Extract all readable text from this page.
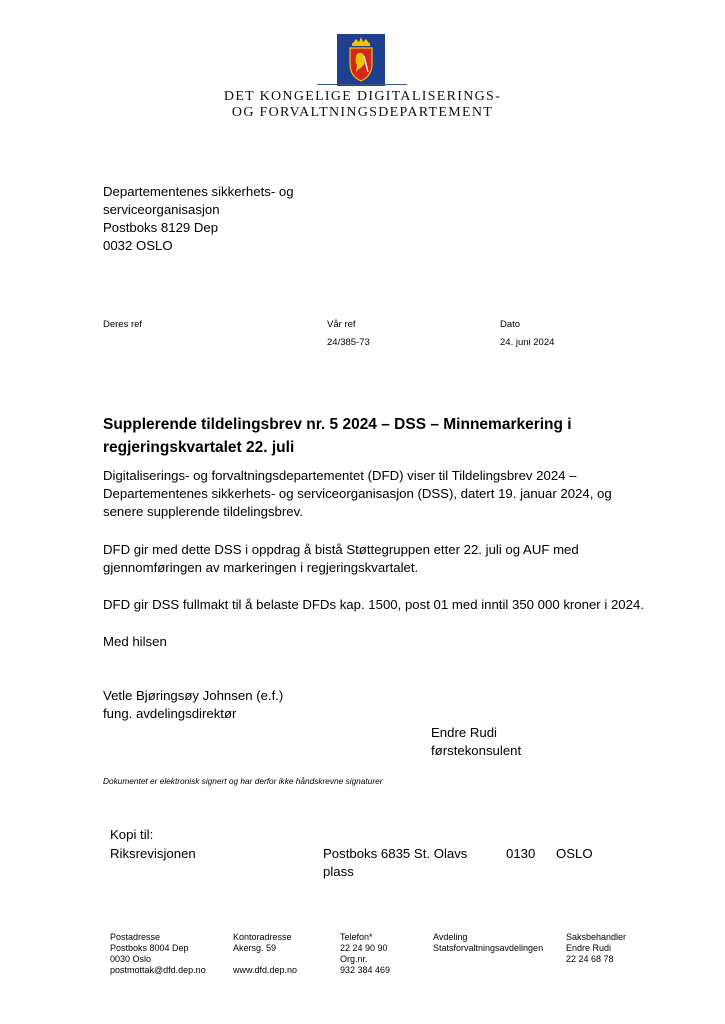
DET KONGELIGE DIGITALISERINGS-
OG FORVALTNINGSDEPARTEMENT
Departementenes sikkerhets- og
serviceorganisasjon
Postboks 8129 Dep
0032 OSLO
Deres ref	Vår ref
24/385-73
Dato
24. juni 2024
Supplerende tildelingsbrev nr. 5 2024 – DSS – Minnemarkering i
regjeringskvartalet 22. juli
Digitaliserings- og forvaltningsdepartementet (DFD) viser til Tildelingsbrev 2024 –
Departementenes sikkerhets- og serviceorganisasjon (DSS), datert 19. januar 2024, og
senere supplerende tildelingsbrev.
DFD gir med dette DSS i oppdrag å bistå Støttegruppen etter 22. juli og AUF med
gjennomføringen av markeringen i regjeringskvartalet.
DFD gir DSS fullmakt til å belaste DFDs kap. 1500, post 01 med inntil 350 000 kroner i 2024.
Med hilsen
Vetle Bjøringsøy Johnsen (e.f.)
fung. avdelingsdirektør
Endre Rudi
førstekonsulent
Dokumentet er elektronisk signert og har derfor ikke håndskrevne signaturer
Kopi til:
Riksrevisjonen	Postboks 6835 St. Olavs
plass
0130 OSLO
Postadresse
Postboks 8004 Dep
0030 Oslo
postmottak@dfd.dep.no
Kontoradresse
Akersg. 59
www.dfd.dep.no
Telefon*
22 24 90 90
Org.nr.
932 384 469
Avdeling
Statsforvaltningsavdelingen
Saksbehandler
Endre Rudi
22 24 68 78
